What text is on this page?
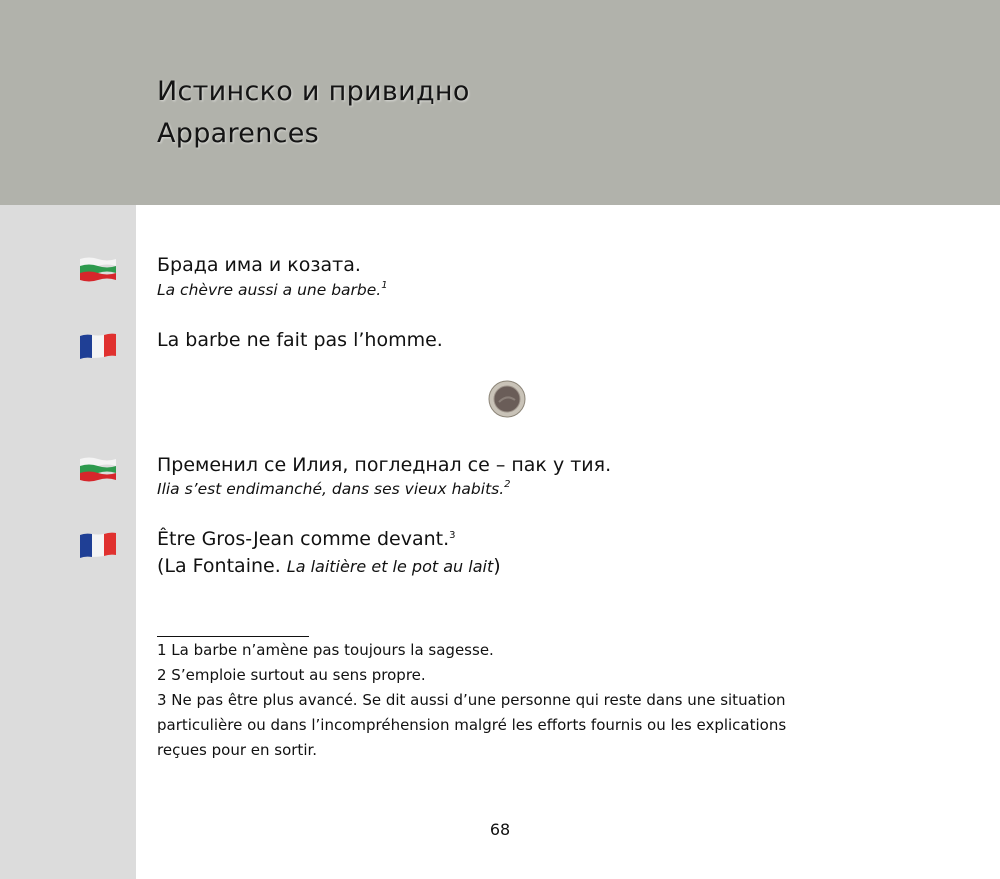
Истинско и привидно
Apparences
Брада има и козата.
La chèvre aussi a une barbe.$^1$
La barbe ne fait pas l’homme.
Пременил се Илия, погледнал се – пак у тия.
Ilia s’est endimanché, dans ses vieux habits.$^2$
Être Gros-Jean comme devant.$^3$
(La Fontaine. La laitière et le pot au lait)
1 La barbe n’amène pas toujours la sagesse.
2 S’emploie surtout au sens propre.
3 Ne pas être plus avancé. Se dit aussi d’une personne qui reste dans une situation
particulière ou dans l’incompréhension malgré les efforts fournis ou les explications
reçues pour en sortir.
68
